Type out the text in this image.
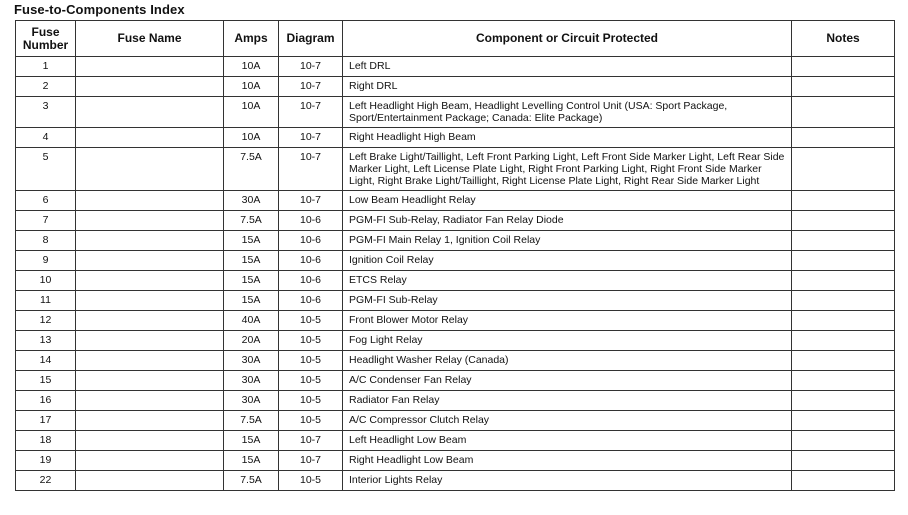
Fuse-to-Components Index
Fuse Number	Fuse Name	Amps	Diagram	Component or Circuit Protected	Notes
1		10A	10-7	Left DRL	
2		10A	10-7	Right DRL	
3		10A	10-7	Left Headlight High Beam, Headlight Levelling Control Unit (USA: Sport Package, Sport/Entertainment Package; Canada: Elite Package)	
4		10A	10-7	Right Headlight High Beam	
5		7.5A	10-7	Left Brake Light/Taillight, Left Front Parking Light, Left Front Side Marker Light, Left Rear Side Marker Light, Left License Plate Light, Right Front Parking Light, Right Front Side Marker Light, Right Brake Light/Taillight, Right License Plate Light, Right Rear Side Marker Light	
6		30A	10-7	Low Beam Headlight Relay	
7		7.5A	10-6	PGM-FI Sub-Relay, Radiator Fan Relay Diode	
8		15A	10-6	PGM-FI Main Relay 1, Ignition Coil Relay	
9		15A	10-6	Ignition Coil Relay	
10		15A	10-6	ETCS Relay	
11		15A	10-6	PGM-FI Sub-Relay	
12		40A	10-5	Front Blower Motor Relay	
13		20A	10-5	Fog Light Relay	
14		30A	10-5	Headlight Washer Relay (Canada)	
15		30A	10-5	A/C Condenser Fan Relay	
16		30A	10-5	Radiator Fan Relay	
17		7.5A	10-5	A/C Compressor Clutch Relay	
18		15A	10-7	Left Headlight Low Beam	
19		15A	10-7	Right Headlight Low Beam	
22		7.5A	10-5	Interior Lights Relay	
